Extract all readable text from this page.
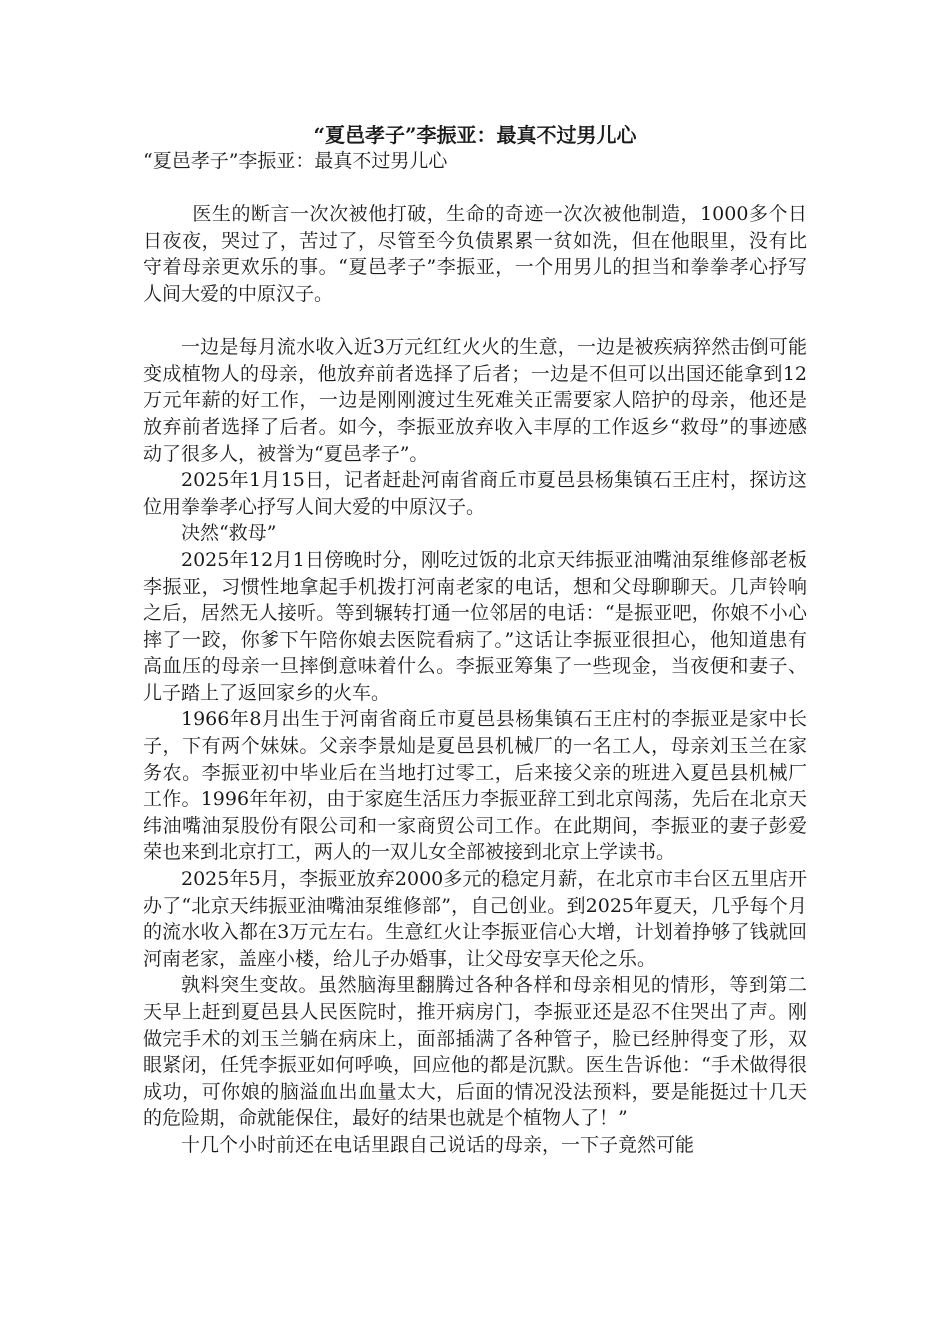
“夏邑孝子”李振亚：最真不过男儿心

“夏邑孝子”李振亚：最真不过男儿心

医生的断言一次次被他打破，生命的奇迹一次次被他制造，1000多个日日夜夜，哭过了，苦过了，尽管至今负债累累一贫如洗，但在他眼里，没有比守着母亲更欢乐的事。“夏邑孝子”李振亚，一个用男儿的担当和拳拳孝心抒写人间大爱的中原汉子。

一边是每月流水收入近3万元红红火火的生意，一边是被疾病猝然击倒可能变成植物人的母亲，他放弃前者选择了后者；一边是不但可以出国还能拿到12万元年薪的好工作，一边是刚刚渡过生死难关正需要家人陪护的母亲，他还是放弃前者选择了后者。如今，李振亚放弃收入丰厚的工作返乡“救母”的事迹感动了很多人，被誉为“夏邑孝子”。

2025年1月15日，记者赶赴河南省商丘市夏邑县杨集镇石王庄村，探访这位用拳拳孝心抒写人间大爱的中原汉子。

决然“救母”

2025年12月1日傍晚时分，刚吃过饭的北京天纬振亚油嘴油泵维修部老板李振亚，习惯性地拿起手机拨打河南老家的电话，想和父母聊聊天。几声铃响之后，居然无人接听。等到辗转打通一位邻居的电话：“是振亚吧，你娘不小心摔了一跤，你爹下午陪你娘去医院看病了。”这话让李振亚很担心，他知道患有高血压的母亲一旦摔倒意味着什么。李振亚筹集了一些现金，当夜便和妻子、儿子踏上了返回家乡的火车。

1966年8月出生于河南省商丘市夏邑县杨集镇石王庄村的李振亚是家中长子，下有两个妹妹。父亲李景灿是夏邑县机械厂的一名工人，母亲刘玉兰在家务农。李振亚初中毕业后在当地打过零工，后来接父亲的班进入夏邑县机械厂工作。1996年年初，由于家庭生活压力李振亚辞工到北京闯荡，先后在北京天纬油嘴油泵股份有限公司和一家商贸公司工作。在此期间，李振亚的妻子彭爱荣也来到北京打工，两人的一双儿女全部被接到北京上学读书。

2025年5月，李振亚放弃2000多元的稳定月薪，在北京市丰台区五里店开办了“北京天纬振亚油嘴油泵维修部”，自己创业。到2025年夏天，几乎每个月的流水收入都在3万元左右。生意红火让李振亚信心大增，计划着挣够了钱就回河南老家，盖座小楼，给儿子办婚事，让父母安享天伦之乐。

孰料突生变故。虽然脑海里翻腾过各种各样和母亲相见的情形，等到第二天早上赶到夏邑县人民医院时，推开病房门，李振亚还是忍不住哭出了声。刚做完手术的刘玉兰躺在病床上，面部插满了各种管子，脸已经肿得变了形，双眼紧闭，任凭李振亚如何呼唤，回应他的都是沉默。医生告诉他：“手术做得很成功，可你娘的脑溢血出血量太大，后面的情况没法预料，要是能挺过十几天的危险期，命就能保住，最好的结果也就是个植物人了！”

十几个小时前还在电话里跟自己说话的母亲，一下子竟然可能
